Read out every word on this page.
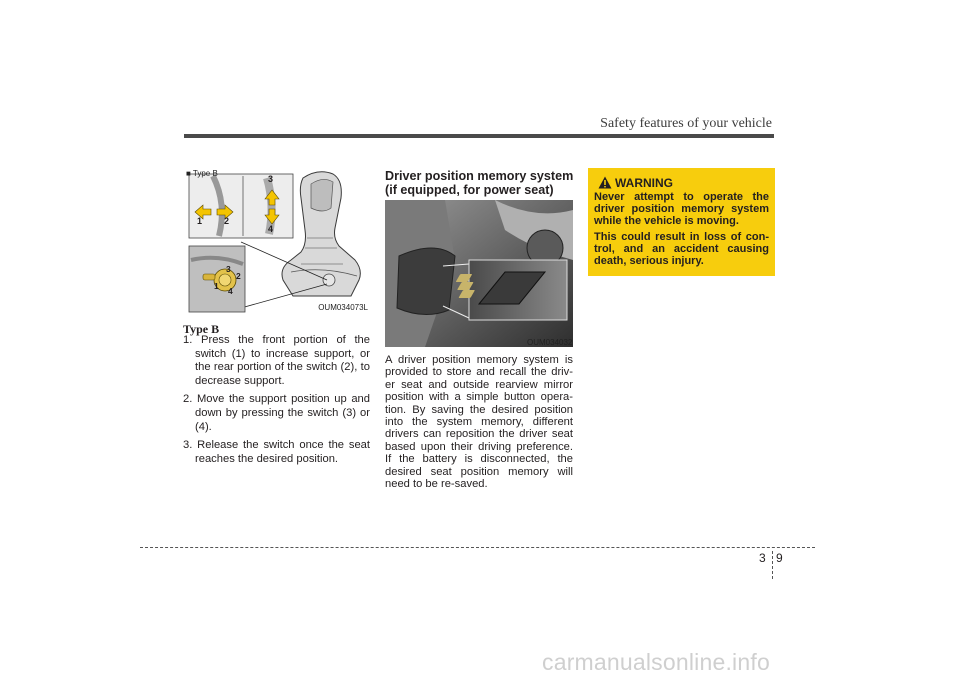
Safety features of your vehicle
■ Type B
1 2
3
4
3
2
1 4
OUM034073L
Type B
1. Press the front portion of the switch (1) to increase support, or the rear portion of the switch (2), to decrease support.
2. Move the support position up and down by pressing the switch (3) or (4).
3. Release the switch once the seat reaches the desired position.
Driver position memory system (if equipped, for power seat)
OUM034032

A driver position memory system is provided to store and recall the driv-er seat and outside rearview mirror position with a simple button opera-tion. By saving the desired position into the system memory, different drivers can reposition the driver seat based upon their driving preference. If the battery is disconnected, the desired seat position memory will need to be re-saved.

WARNING

Never attempt to operate the driver position memory system while the vehicle is moving.

This could result in loss of con-trol, and an accident causing death, serious injury.

3 9
carmanualsonline.info
